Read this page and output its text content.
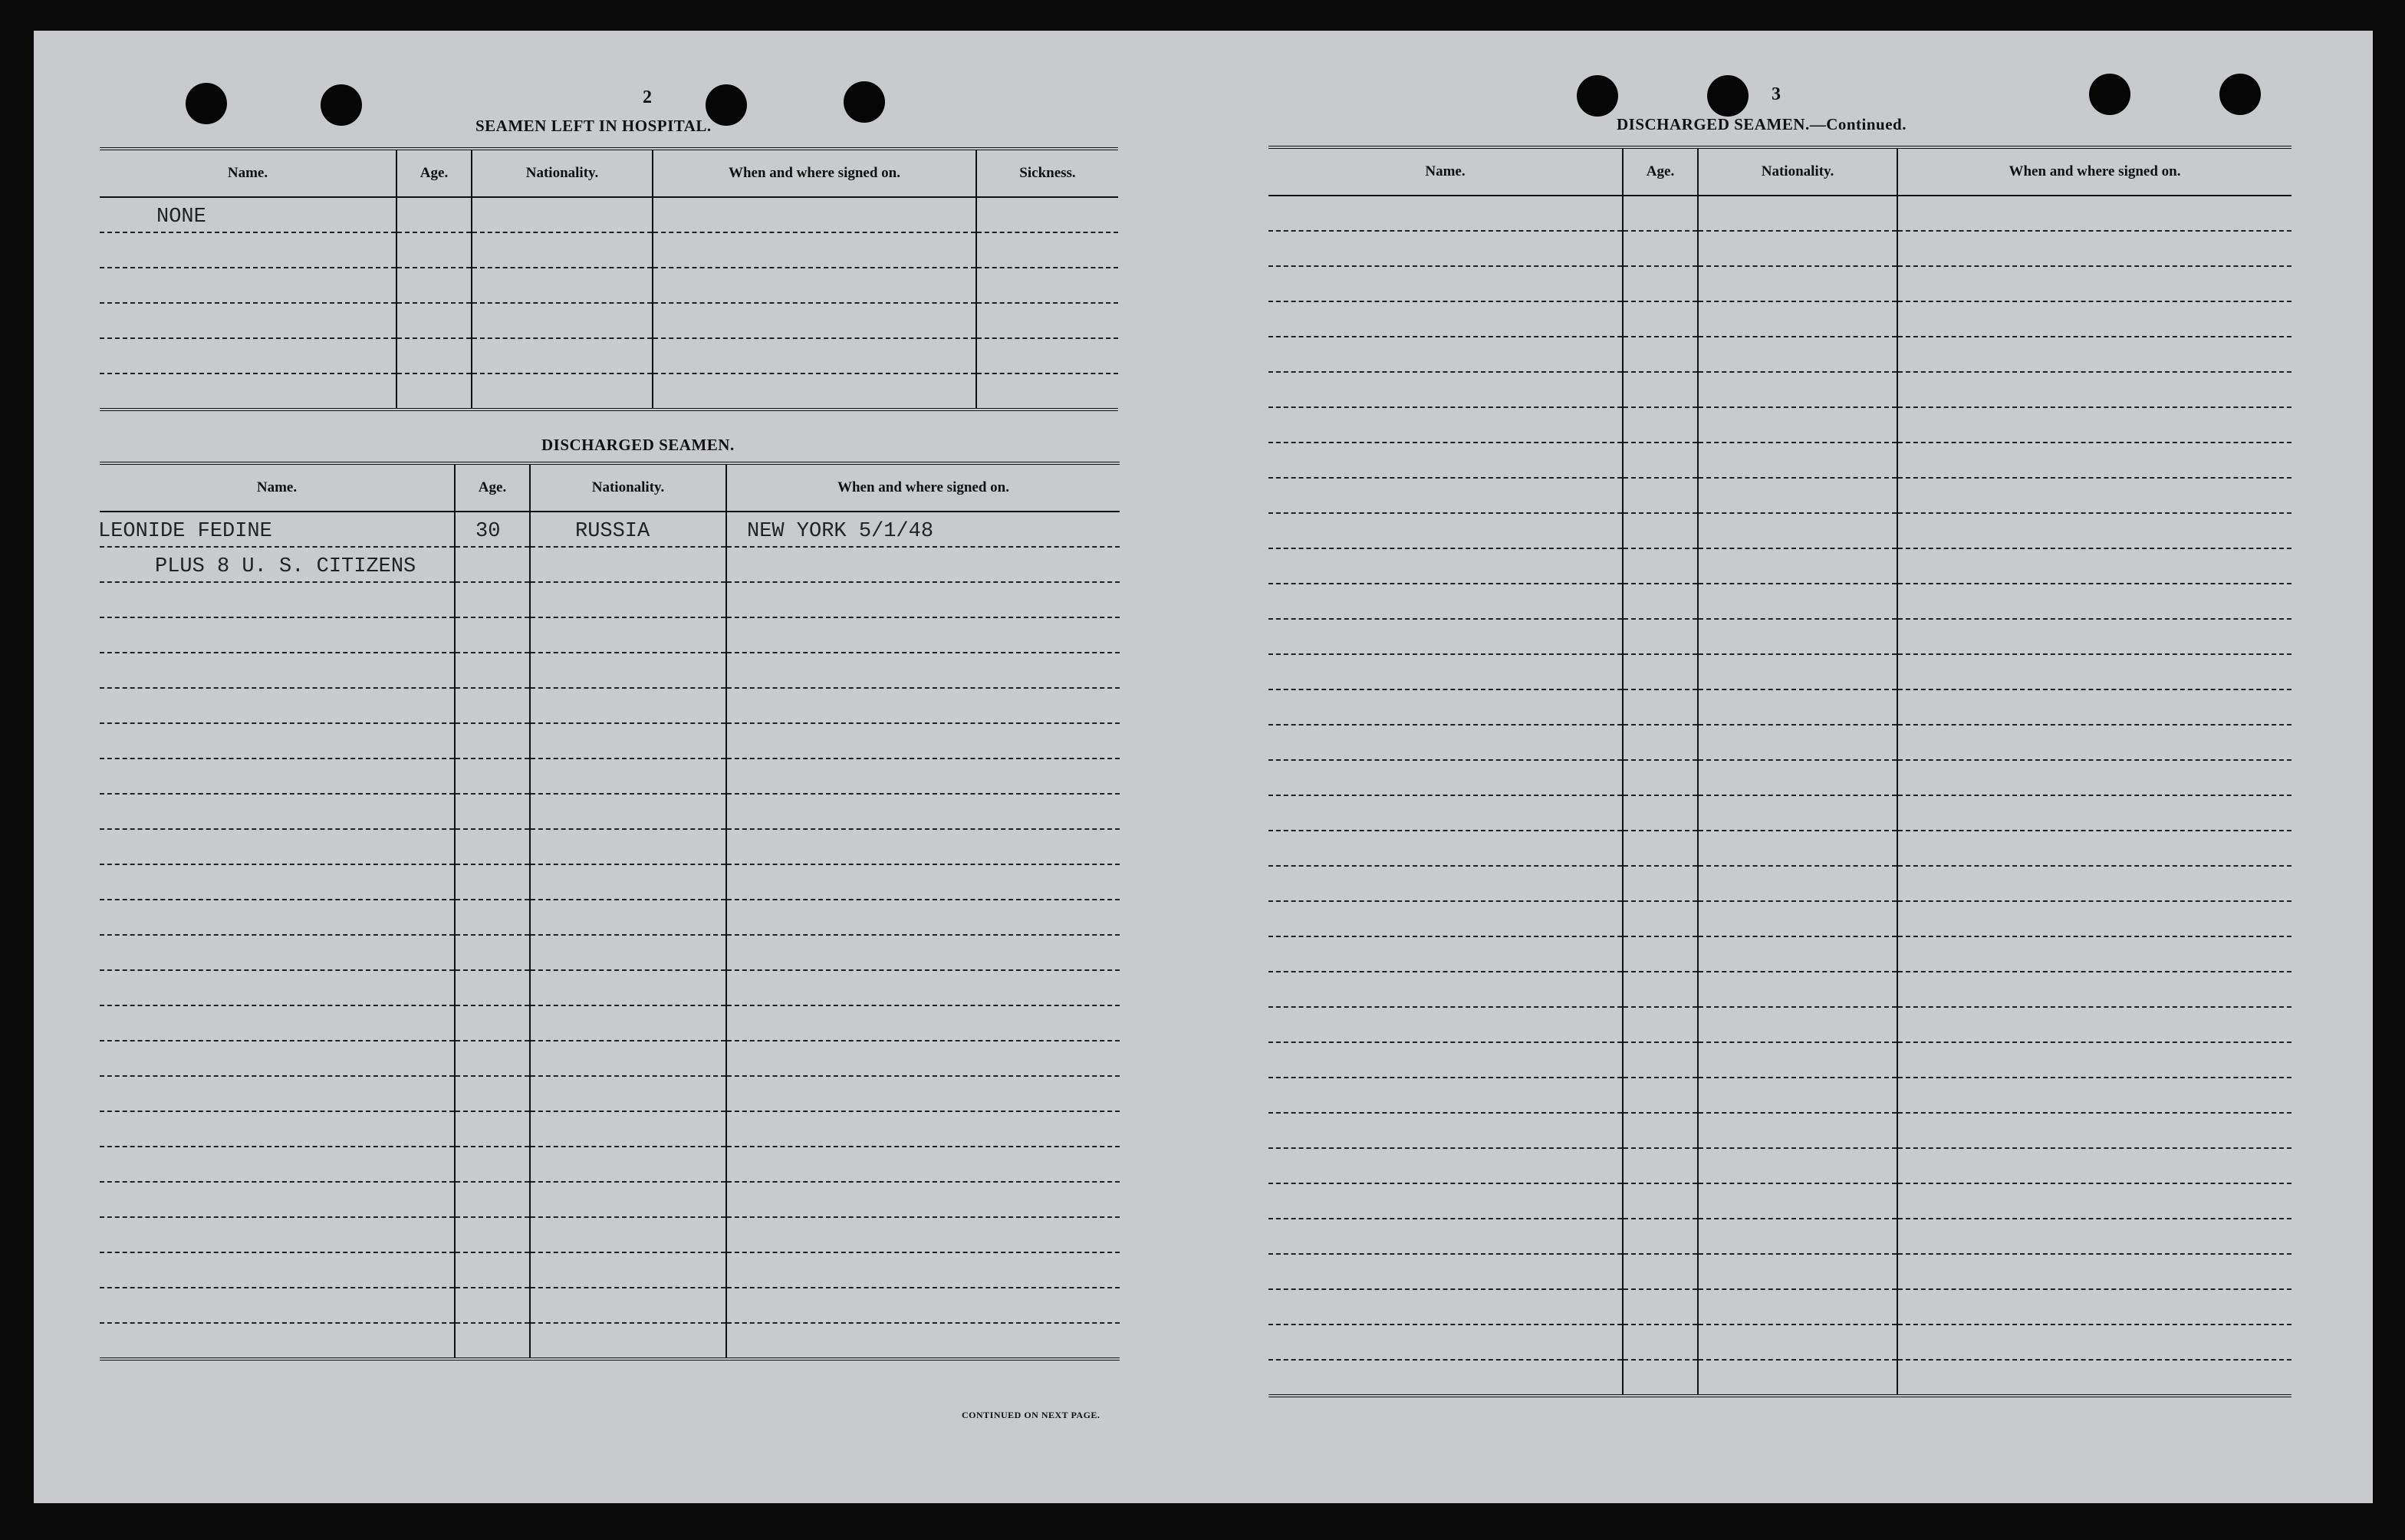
2
SEAMEN LEFT IN HOSPITAL.
Name.	Age.	Nationality.	When and where signed on.	Sickness.
NONE				

DISCHARGED SEAMEN.
Name.	Age.	Nationality.	When and where signed on.
LEONIDE FEDINE	30	RUSSIA	NEW YORK 5/1/48
PLUS 8 U. S. CITIZENS			

CONTINUED ON NEXT PAGE.
3
DISCHARGED SEAMEN.—Continued.
Name.	Age.	Nationality.	When and where signed on.
